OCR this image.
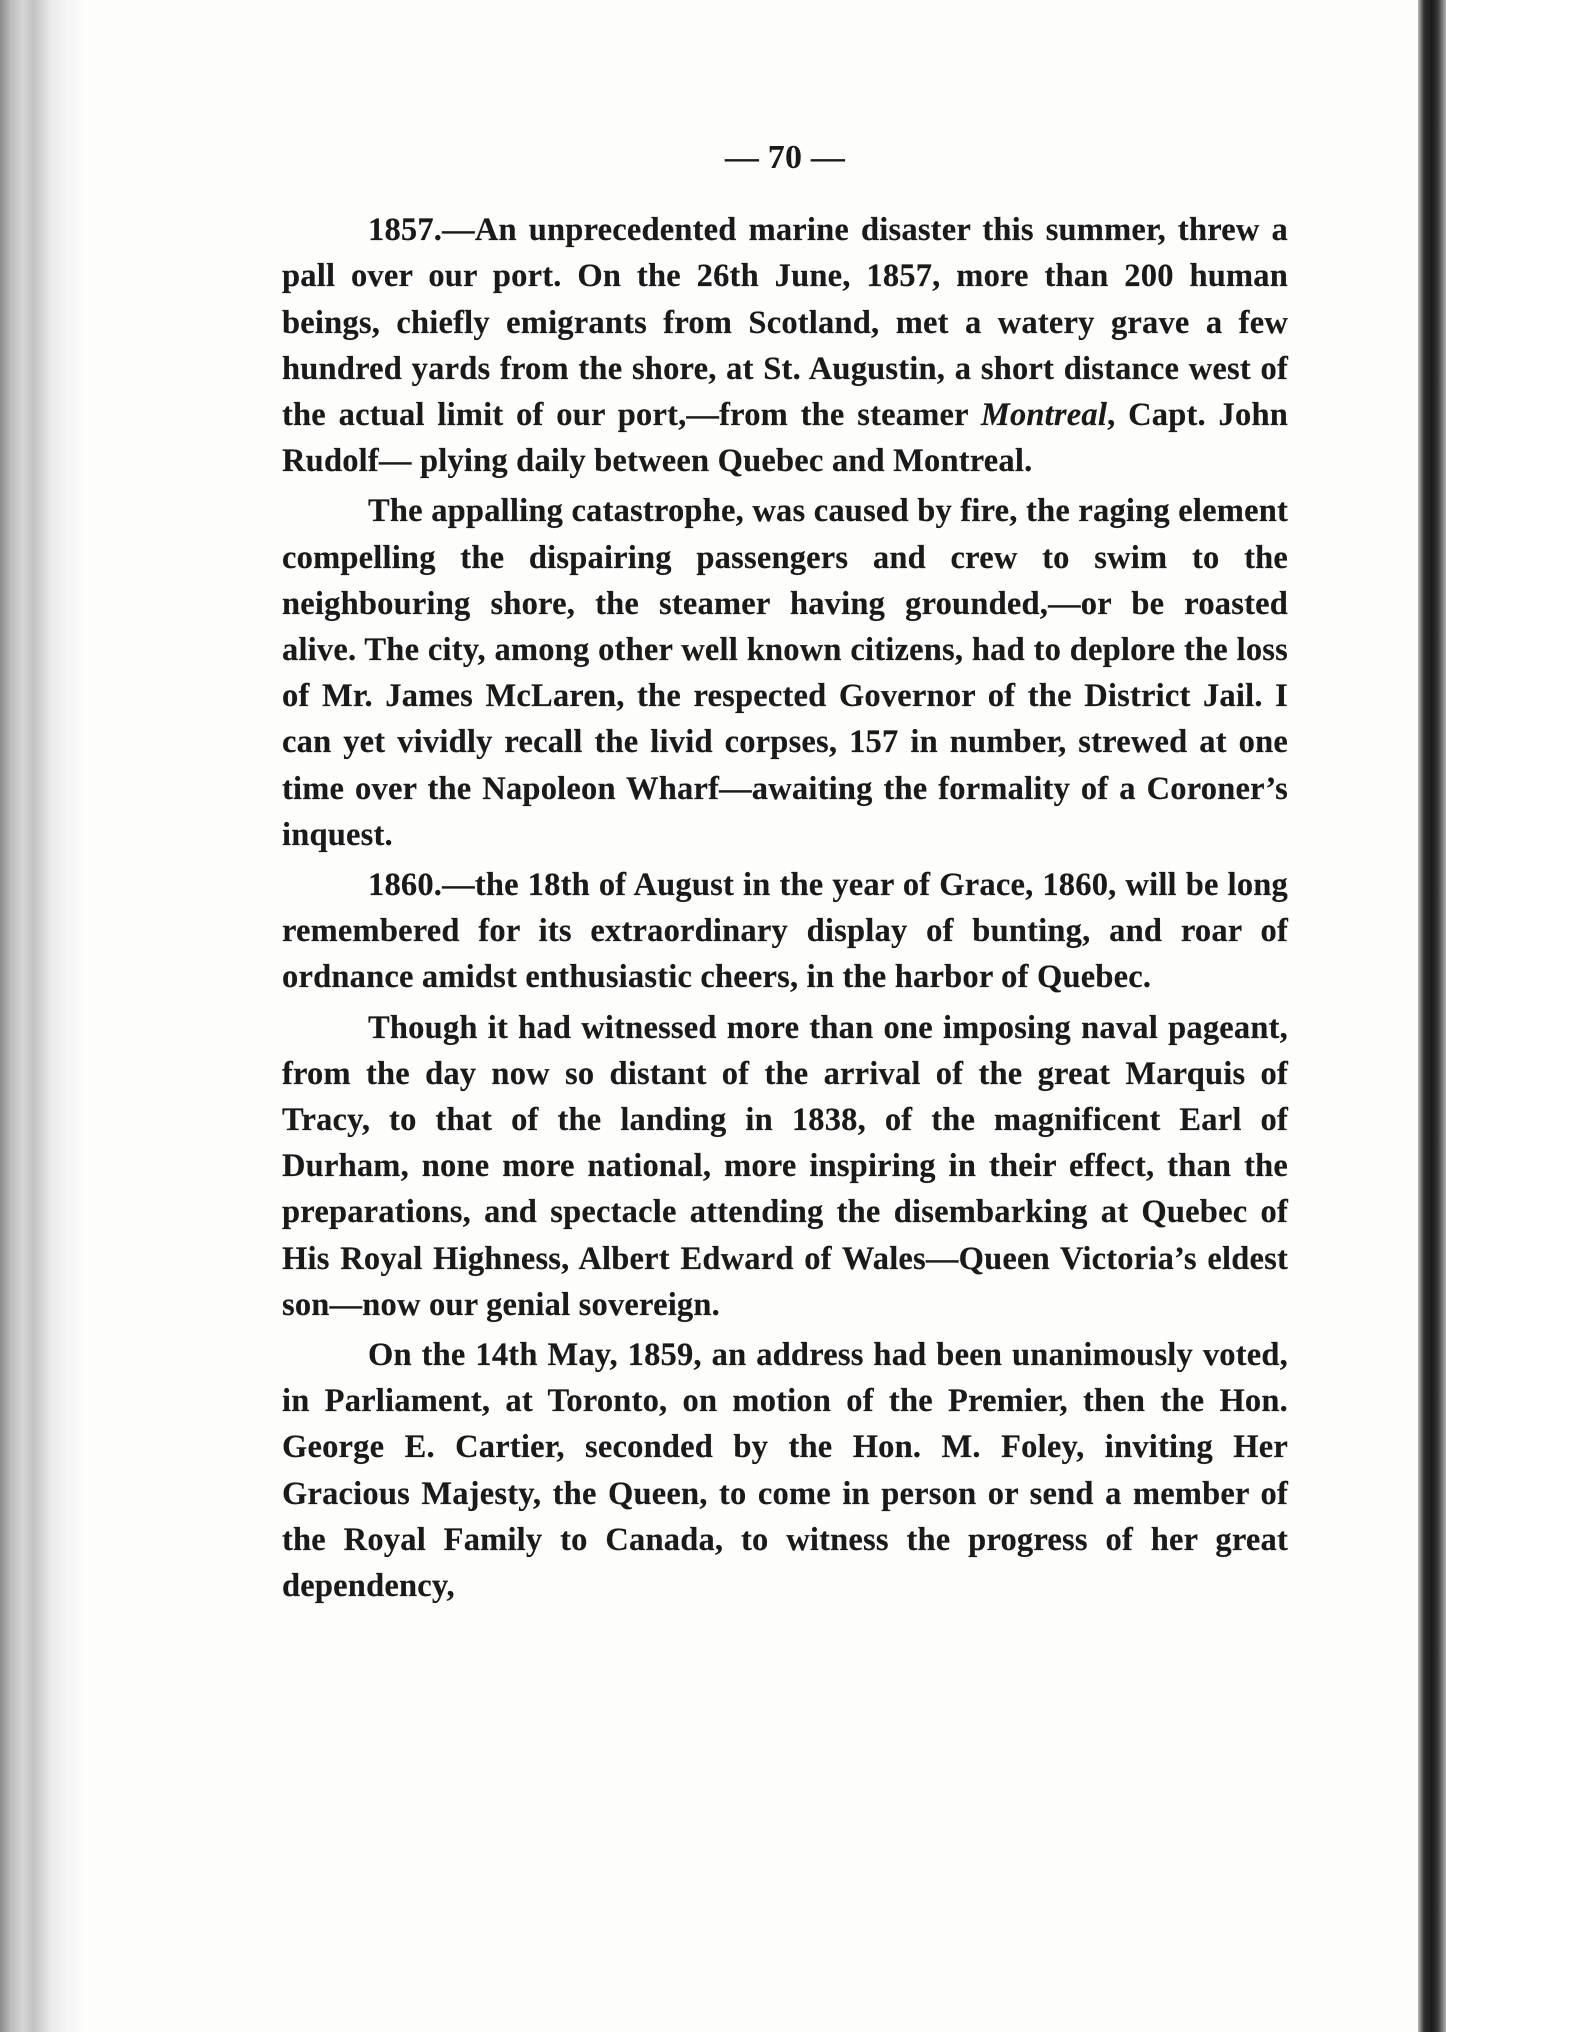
— 70 —

1857.—An unprecedented marine disaster this summer, threw a pall over our port. On the 26th June, 1857, more than 200 human beings, chiefly emigrants from Scotland, met a watery grave a few hundred yards from the shore, at St. Augustin, a short distance west of the actual limit of our port,—from the steamer Montreal, Capt. John Rudolf— plying daily between Quebec and Montreal.

The appalling catastrophe, was caused by fire, the raging element compelling the dispairing passengers and crew to swim to the neighbouring shore, the steamer having grounded,—or be roasted alive. The city, among other well known citizens, had to deplore the loss of Mr. James McLaren, the respected Governor of the District Jail. I can yet vividly recall the livid corpses, 157 in number, strewed at one time over the Napoleon Wharf—awaiting the formality of a Coroner’s inquest.

1860.—the 18th of August in the year of Grace, 1860, will be long remembered for its extraordinary display of bunting, and roar of ordnance amidst enthusiastic cheers, in the harbor of Quebec.

Though it had witnessed more than one imposing naval pageant, from the day now so distant of the arrival of the great Marquis of Tracy, to that of the landing in 1838, of the magnificent Earl of Durham, none more national, more inspiring in their effect, than the preparations, and spectacle attending the disembarking at Quebec of His Royal Highness, Albert Edward of Wales—Queen Victoria’s eldest son—now our genial sovereign.

On the 14th May, 1859, an address had been unanimously voted, in Parliament, at Toronto, on motion of the Premier, then the Hon. George E. Cartier, seconded by the Hon. M. Foley, inviting Her Gracious Majesty, the Queen, to come in person or send a member of the Royal Family to Canada, to witness the progress of her great dependency,
